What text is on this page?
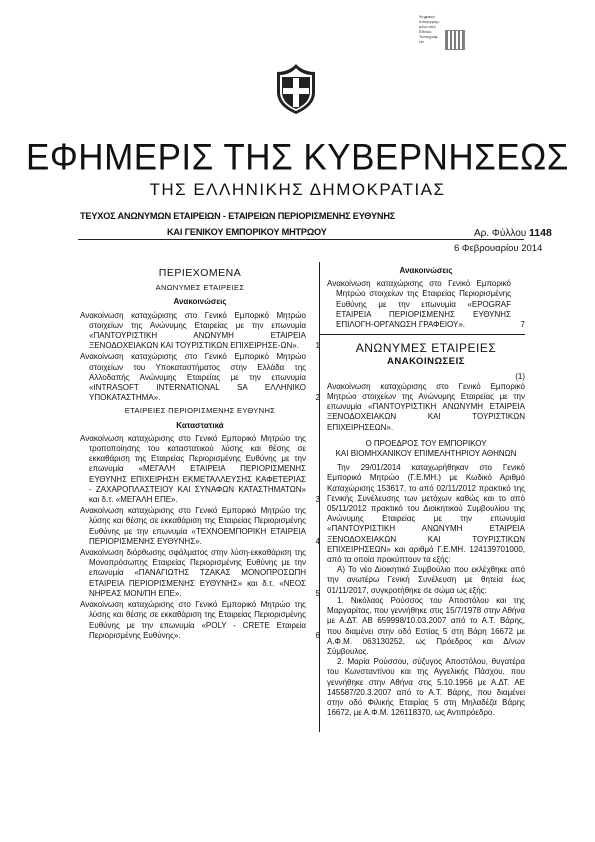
Ψηφιακά
υπογεγραμ
μένο από
Εθνικό
Τυπογραφ
είο
ΕΦΗΜΕΡΙΣ ΤΗΣ ΚΥΒΕΡΝΗΣΕΩΣ
ΤΗΣ ΕΛΛΗΝΙΚΗΣ ΔΗΜΟΚΡΑΤΙΑΣ
ΤΕΥΧΟΣ ΑΝΩΝΥΜΩΝ ΕΤΑΙΡΕΙΩΝ - ΕΤΑΙΡΕΙΩΝ ΠΕΡΙΟΡΙΣΜΕΝΗΣ ΕΥΘΥΝΗΣ
ΚΑΙ ΓΕΝΙΚΟΥ ΕΜΠΟΡΙΚΟΥ ΜΗΤΡΩΟΥ	Αρ. Φύλλου 1148
6 Φεβρουαρίου 2014
ΠΕΡΙΕΧΟΜΕΝΑ
ΑΝΩΝΥΜΕΣ ΕΤΑΙΡΕΙΕΣ
Ανακοινώσεις
Ανακοίνωση καταχώρισης στο Γενικό Εμπορικό Μητρώο στοιχείων της Ανώνυμης Εταιρείας με την επωνυμία «ΠΑΝΤΟΥΡΙΣΤΙΚΗ ΑΝΩΝΥΜΗ ΕΤΑΙΡΕΙΑ ΞΕΝΟΔΟΧΕΙΑΚΩΝ ΚΑΙ ΤΟΥΡΙΣΤΙΚΩΝ ΕΠΙΧΕΙΡΗΣΕ-ΩΝ».	1
Ανακοίνωση καταχώρισης στο Γενικό Εμπορικό Μητρώο στοιχείων του Υποκαταστήματος στην Ελλάδα της Αλλοδαπής Ανώνυμης Εταιρείας με την επωνυμία «INTRASOFT INTERNATIONAL SA ΕΛΛΗΝΙΚΟ ΥΠΟΚΑΤΑΣΤΗΜΑ».	2
ΕΤΑΙΡΕΙΕΣ ΠΕΡΙΟΡΙΣΜΕΝΗΣ ΕΥΘΥΝΗΣ
Καταστατικά
Ανακοίνωση καταχώρισης στο Γενικό Εμπορικό Μητρώο της τροποποίησης του καταστατικού λύσης και θέσης σε εκκαθάριση της Εταιρείας Περιορισμένης Ευθύνης με την επωνυμία «ΜΕΓΑΛΗ ΕΤΑΙΡΕΙΑ ΠΕΡΙΟΡΙΣΜΕΝΗΣ ΕΥΘΥΝΗΣ ΕΠΙΧΕΙΡΗΣΗ ΕΚΜΕΤΑΛΛΕΥΣΗΣ ΚΑΦΕΤΕΡΙΑΣ - ΖΑΧΑΡΟΠΛΑΣΤΕΙΟΥ ΚΑΙ ΣΥΝΑΦΩΝ ΚΑΤΑΣΤΗΜΑΤΩΝ» και δ.τ. «ΜΕΓΑΛΗ ΕΠΕ».	3
Ανακοίνωση καταχώρισης στο Γενικό Εμπορικό Μητρώο της λύσης και θέσης σε εκκαθάριση της Εταιρείας Περιορισμένης Ευθύνης με την επωνυμία «ΤΕΧΝΟΕΜΠΟΡΙΚΗ ΕΤΑΙΡΕΙΑ ΠΕΡΙΟΡΙΣΜΕΝΗΣ ΕΥΘΥΝΗΣ».	4
Ανακοίνωση διόρθωσης σφάλματος στην λύση-εκκαθάριση της Μονοπρόσωπης Εταιρείας Περιορισμένης Ευθύνης με την επωνυμία «ΠΑΝΑΓΙΩΤΗΣ ΤΖΑΚΑΣ ΜΟΝΟΠΡΟΣΩΠΗ ΕΤΑΙΡΕΙΑ ΠΕΡΙΟΡΙΣΜΕΝΗΣ ΕΥΘΥΝΗΣ» και δ.τ. «ΝΕΟΣ ΝΗΡΕΑΣ ΜΟΝ/ΠΗ ΕΠΕ».	5
Ανακοίνωση καταχώρισης στο Γενικό Εμπορικό Μητρώο της λύσης και θέσης σε εκκαθάριση της Εταιρείας Περιορισμένης Ευθύνης με την επωνυμία «POLY - CRETE Εταιρεία Περιορισμένης Ευθύνης».	6
Ανακοινώσεις
Ανακοίνωση καταχώρισης στο Γενικό Εμπορικό Μητρώο στοιχείων της Εταιρείας Περιορισμένης Ευθύνης με την επωνυμία «EPOGRAF ΕΤΑΙΡΕΙΑ ΠΕΡΙΟΡΙΣΜΕΝΗΣ ΕΥΘΥΝΗΣ ΕΠΙΛΟΓΗ-ΟΡΓΑΝΩΣΗ ΓΡΑΦΕΙΟΥ».	7
ΑΝΩΝΥΜΕΣ ΕΤΑΙΡΕΙΕΣ
ΑΝΑΚΟΙΝΩΣΕΙΣ
(1)
Ανακοίνωση καταχώρισης στο Γενικό Εμπορικό Μητρώο στοιχείων της Ανώνυμης Εταιρείας με την επωνυμία «ΠΑΝΤΟΥΡΙΣΤΙΚΗ ΑΝΩΝΥΜΗ ΕΤΑΙΡΕΙΑ ΞΕΝΟΔΟΧΕΙΑΚΩΝ ΚΑΙ ΤΟΥΡΙΣΤΙΚΩΝ ΕΠΙΧΕΙΡΗΣΕΩΝ».
Ο ΠΡΟΕΔΡΟΣ ΤΟΥ ΕΜΠΟΡΙΚΟΥ
ΚΑΙ ΒΙΟΜΗΧΑΝΙΚΟΥ ΕΠΙΜΕΛΗΤΗΡΙΟΥ ΑΘΗΝΩΝ
Την 29/01/2014 καταχωρήθηκαν στο Γενικό Εμπορικό Μητρώο (Γ.Ε.ΜΗ.) με Κωδικό Αριθμό Καταχώρισης 153617, το από 02/11/2012 πρακτικό της Γενικής Συνέλευσης των μετόχων καθώς και το από 05/11/2012 πρακτικό του Διοικητικού Συμβουλίου της Ανώνυμης Εταιρείας με την επωνυμία «ΠΑΝΤΟΥΡΙΣΤΙΚΗ ΑΝΩΝΥΜΗ ΕΤΑΙΡΕΙΑ ΞΕΝΟΔΟΧΕΙΑΚΩΝ ΚΑΙ ΤΟΥΡΙΣΤΙΚΩΝ ΕΠΙΧΕΙΡΗΣΕΩΝ» και αριθμό Γ.Ε.ΜΗ. 124139701000, από τα οποία προκύπτουν τα εξής:
Α) Το νέο Διοικητικό Συμβούλιο που εκλέχθηκε από την ανωτέρω Γενική Συνέλευση με θητεία έως 01/11/2017, συγκροτήθηκε σε σώμα ως εξής:
1. Νικόλαος Ρούσσος του Αποστόλου και της Μαργαρίτας, που γεννήθηκε στις 15/7/1978 στην Αθήνα με Α.ΔΤ. ΑΒ 659998/10.03.2007 από το Α.Τ. Βάρης, που διαμένει στην οδό Εστίας 5 στη Βάρη 16672 με Α.Φ.Μ. 063130252, ως Πρόεδρος και Δ/νων Σύμβουλος.
2. Μαρία Ρούσσου, σύζυγος Αποστόλου, θυγατέρα του Κωνσταντίνου και της Αγγελικής Πάσχου, που γεννήθηκε στην Αθήνα στις 5.10.1956 με Α.ΔΤ. ΑΕ 145587/20.3.2007 από το Α.Τ. Βάρης, που διαμένει στην οδό Φιλικής Εταιρίας 5 στη Μηλαδέζα Βάρης 16672, με Α.Φ.Μ. 126118370, ως Αντιπρόεδρο.
